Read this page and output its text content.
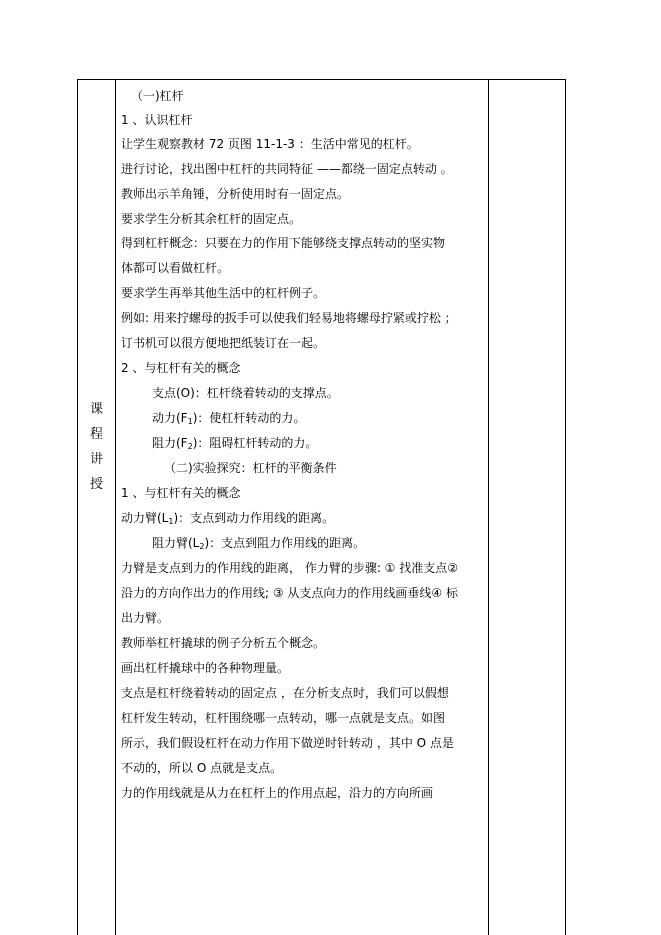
课
程
讲
授
（一)杠杆
1 、认识杠杆
让学生观察教材 72 页图 11-1-3 ：生活中常见的杠杆。
进行讨论，找出图中杠杆的共同特征 ——都绕一固定点转动 。
教师出示羊角锤，分析使用时有一固定点。
要求学生分析其余杠杆的固定点。
得到杠杆概念：只要在力的作用下能够绕支撑点转动的坚实物
体都可以看做杠杆。
要求学生再举其他生活中的杠杆例子。
例如: 用来拧螺母的扳手可以使我们轻易地将螺母拧紧或拧松 ；
订书机可以很方便地把纸装订在一起。
2 、与杠杆有关的概念
支点(O)：杠杆绕着转动的支撑点。
动力$(F_1)$：使杠杆转动的力。
阻力$(F_2)$：阻碍杠杆转动的力。
（二)实验探究：杠杆的平衡条件
1 、与杠杆有关的概念
动力臂$(L_1)$：支点到动力作用线的距离。
阻力臂$(L_2)$：支点到阻力作用线的距离。
力臂是支点到力的作用线的距离， 作力臂的步骤: ① 找准支点②
沿力的方向作出力的作用线; ③ 从支点向力的作用线画垂线④ 标
出力臂。
教师举杠杆撬球的例子分析五个概念。
画出杠杆撬球中的各种物理量。
支点是杠杆绕着转动的固定点 ，在分析支点时，我们可以假想
杠杆发生转动，杠杆围绕哪一点转动，哪一点就是支点。如图
所示，我们假设杠杆在动力作用下做逆时针转动 ，其中 O 点是
不动的，所以 O 点就是支点。
力的作用线就是从力在杠杆上的作用点起，沿力的方向所画
